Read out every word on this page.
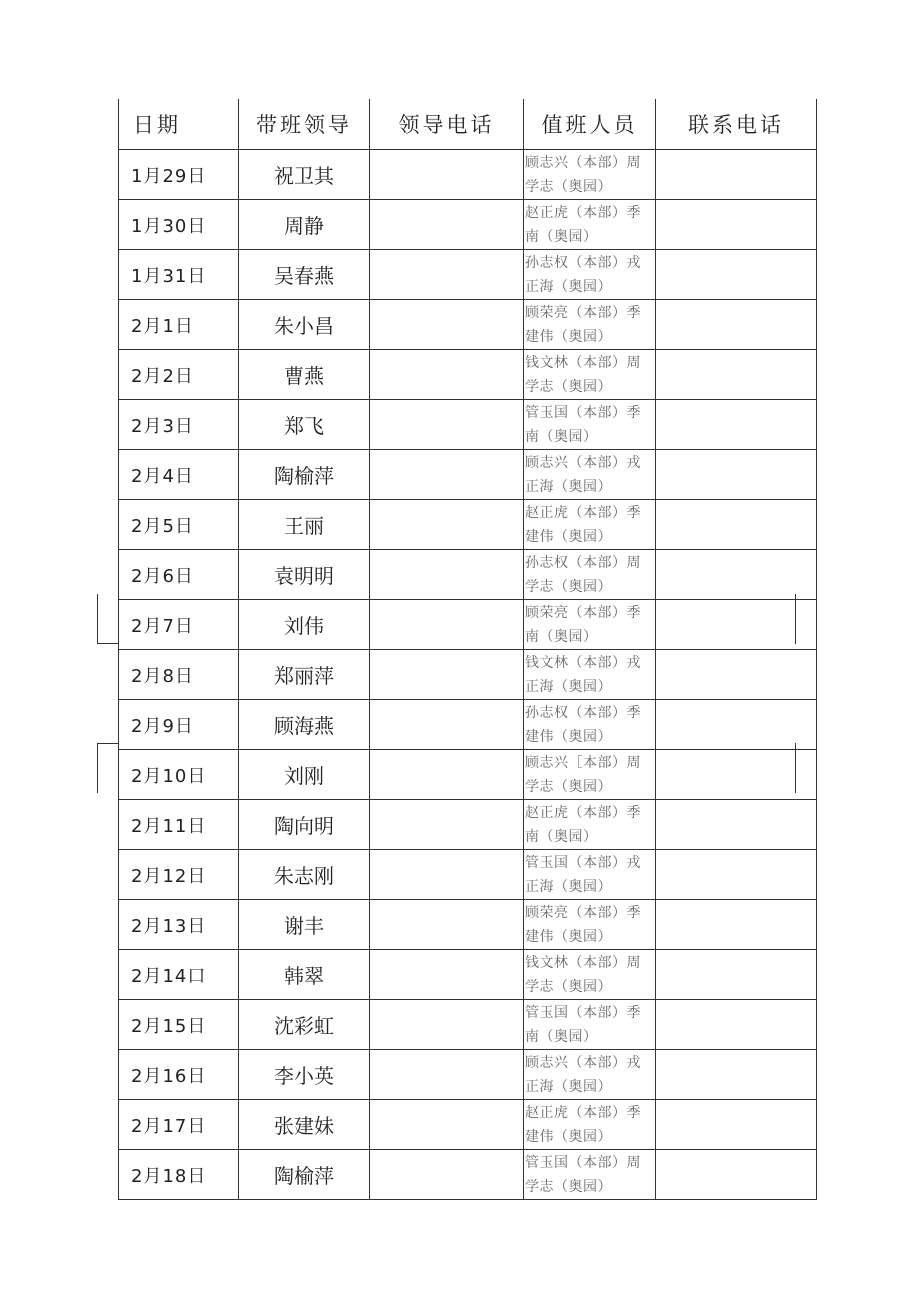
日期	带班领导	领导电话	值班人员	联系电话
1月29日	祝卫其		顾志兴（本部）周学志（奥园）	
1月30日	周静		赵正虎（本部）季南（奥园）	
1月31日	吴春燕		孙志权（本部）戎正海（奥园）	
2月1日	朱小昌		顾荣亮（本部）季建伟（奥园）	
2月2日	曹燕		钱文林（本部）周学志（奥园）	
2月3日	郑飞		管玉国（本部）季南（奥园）	
2月4日	陶榆萍		顾志兴（本部）戎正海（奥园）	
2月5日	王丽		赵正虎（本部）季建伟（奥园）	
2月6日	袁明明		孙志权（本部）周学志（奥园）	
2月7日	刘伟		顾荣亮（本部）季南（奥园）	
2月8日	郑丽萍		钱文林（本部）戎正海（奥园）	
2月9日	顾海燕		孙志权（本部）季建伟（奥园）	
2月10日	刘刚		顾志兴［本部）周学志（奥园）	
2月11日	陶向明		赵正虎（本部）季南（奥园）	
2月12日	朱志刚		管玉国（本部）戎正海（奥园）	
2月13日	谢丰		顾荣亮（本部）季建伟（奥园）	
2月14口	韩翠		钱文林（本部）周学志（奥园）	
2月15日	沈彩虹		管玉国（本部）季南（奥园）	
2月16日	李小英		顾志兴（本部）戎正海（奥园）	
2月17日	张建妹		赵正虎（本部）季建伟（奥园）	
2月18日	陶榆萍		管玉国（本部）周学志（奥园）	
